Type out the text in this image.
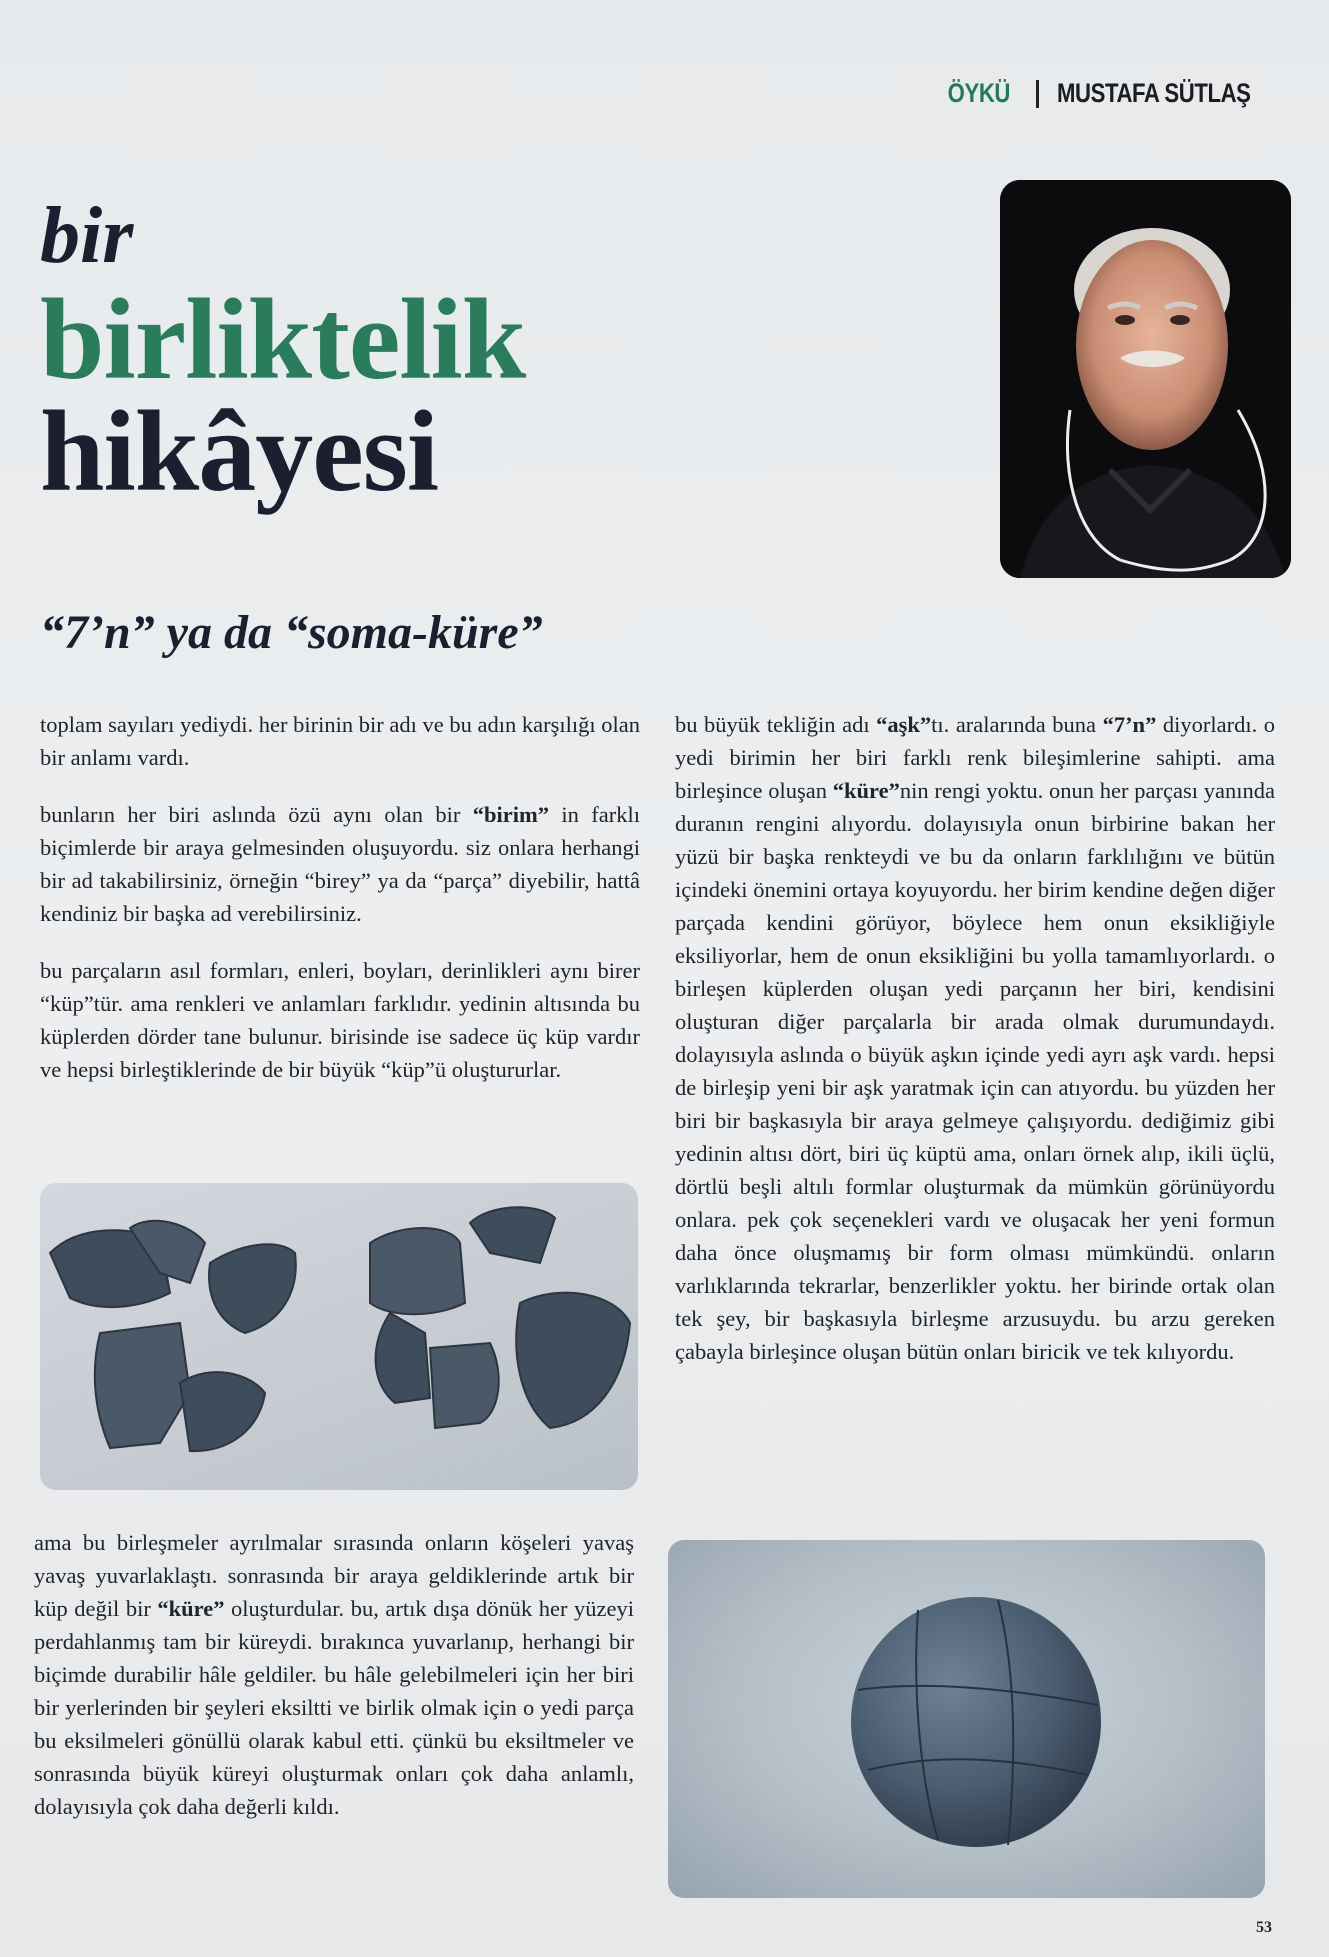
ÖYKÜ MUSTAFA SÜTLAŞ
bir
birliktelik
hikâyesi
“7’n” ya da “soma-küre”

toplam sayıları yediydi. her birinin bir adı ve bu adın karşılığı olan bir anlamı vardı.

bunların her biri aslında özü aynı olan bir “birim” in farklı biçimlerde bir araya gelmesinden oluşuyordu. siz onlara herhangi bir ad takabilirsiniz, örneğin “birey” ya da “parça” diyebilir, hattâ kendiniz bir başka ad verebilirsiniz.

bu parçaların asıl formları, enleri, boyları, derinlikleri aynı birer “küp”tür. ama renkleri ve anlamları farklıdır. yedinin altısında bu küplerden dörder tane bulunur. birisinde ise sadece üç küp vardır ve hepsi birleştiklerinde de bir büyük “küp”ü oluştururlar.

bu büyük tekliğin adı “aşk”tı. aralarında buna “7’n” diyorlardı. o yedi birimin her biri farklı renk bileşimlerine sahipti. ama birleşince oluşan “küre”nin rengi yoktu. onun her parçası yanında duranın rengini alıyordu. dolayısıyla onun birbirine bakan her yüzü bir başka renkteydi ve bu da onların farklılığını ve bütün içindeki önemini ortaya koyuyordu. her birim kendine değen diğer parçada kendini görüyor, böylece hem onun eksikliğiyle eksiliyorlar, hem de onun eksikliğini bu yolla tamamlıyorlardı. o birleşen küplerden oluşan yedi parçanın her biri, kendisini oluşturan diğer parçalarla bir arada olmak durumundaydı. dolayısıyla aslında o büyük aşkın içinde yedi ayrı aşk vardı. hepsi de birleşip yeni bir aşk yaratmak için can atıyordu. bu yüzden her biri bir başkasıyla bir araya gelmeye çalışıyordu. dediğimiz gibi yedinin altısı dört, biri üç küptü ama, onları örnek alıp, ikili üçlü, dörtlü beşli altılı formlar oluşturmak da mümkün görünüyordu onlara. pek çok seçenekleri vardı ve oluşacak her yeni formun daha önce oluşmamış bir form olması mümkündü. onların varlıklarında tekrarlar, benzerlikler yoktu. her birinde ortak olan tek şey, bir başkasıyla birleşme arzusuydu. bu arzu gereken çabayla birleşince oluşan bütün onları biricik ve tek kılıyordu.

ama bu birleşmeler ayrılmalar sırasında onların köşeleri yavaş yavaş yuvarlaklaştı. sonrasında bir araya geldiklerinde artık bir küp değil bir “küre” oluşturdular. bu, artık dışa dönük her yüzeyi perdahlanmış tam bir küreydi. bırakınca yuvarlanıp, herhangi bir biçimde durabilir hâle geldiler. bu hâle gelebilmeleri için her biri bir yerlerinden bir şeyleri eksiltti ve birlik olmak için o yedi parça bu eksilmeleri gönüllü olarak kabul etti. çünkü bu eksiltmeler ve sonrasında büyük küreyi oluşturmak onları çok daha anlamlı, dolayısıyla çok daha değerli kıldı.

53
